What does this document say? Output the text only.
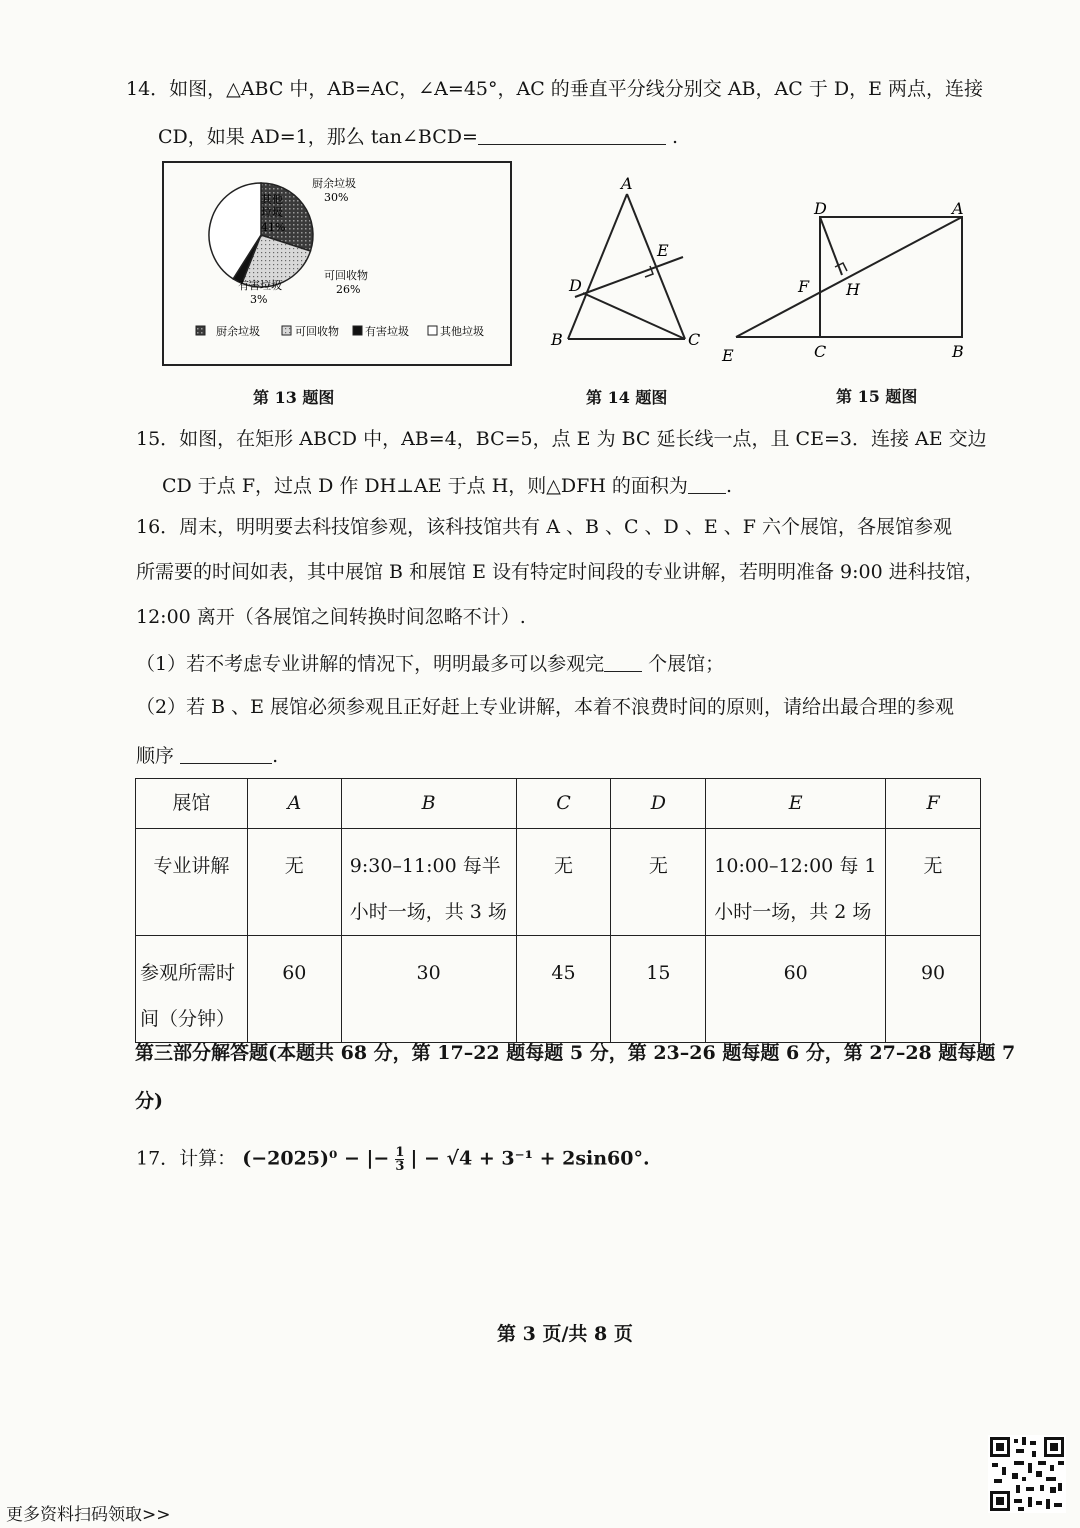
14．如图，△ABC 中，AB=AC，∠A=45°，AC 的垂直平分线分别交 AB，AC 于 D，E 两点，连接
CD，如果 AD=1，那么 tan∠BCD=	.
厨余垃圾
30%
可回收物
26%
有害垃圾
3%
其他
垃圾
41%
厨余垃圾	可回收物 有害垃圾	其他垃圾
第 13 题图
A
B	C
D
E
第 14 题图
D	A
F H
E	C	B
第 15 题图
15．如图，在矩形 ABCD 中，AB=4，BC=5，点 E 为 BC 延长线一点，且 CE=3．连接 AE 交边
CD 于点 F，过点 D 作 DH⊥AE 于点 H，则△DFH 的面积为 .
16．周末，明明要去科技馆参观，该科技馆共有 A 、B 、C 、D 、E 、F 六个展馆，各展馆参观
所需要的时间如表，其中展馆 B 和展馆 E 设有特定时间段的专业讲解，若明明准备 9:00 进科技馆，
12:00 离开（各展馆之间转换时间忽略不计）.
（1）若不考虑专业讲解的情况下，明明最多可以参观完 个展馆；
（2）若 B 、E 展馆必须参观且正好赶上专业讲解，本着不浪费时间的原则，请给出最合理的参观
顺序	.
展馆	A	B	C	D	E	F
专业讲解	无	9:30–11:00 每半小时一场，共 3 场	无	无	10:00–12:00 每 1 小时一场，共 2 场	无
参观所需时间（分钟）	60	30	45	15	60	90
第三部分解答题(本题共 68 分，第 17–22 题每题 5 分，第 23–26 题每题 6 分，第 27–28 题每题 7
分)
17．计算： (−2025)⁰ − |− $\frac{1}{3}$ | − √4 + 3⁻¹ + 2sin60°.
第 3 页/共 8 页
更多资料扫码领取>>
